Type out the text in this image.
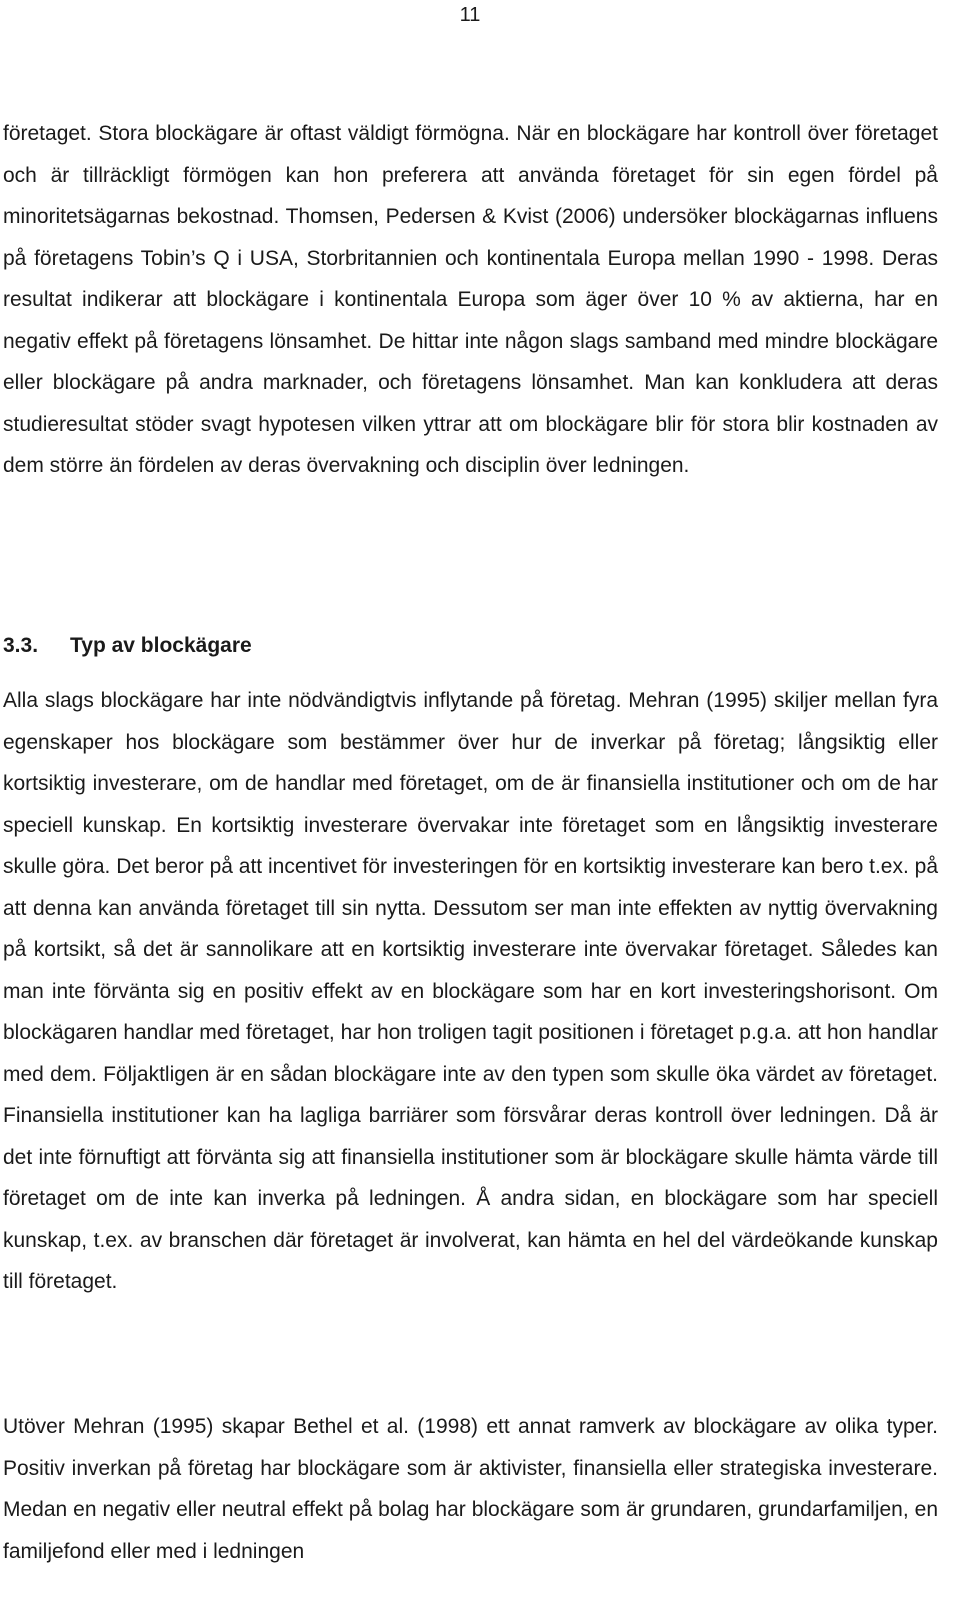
11

företaget. Stora blockägare är oftast väldigt förmögna. När en blockägare har kontroll över företaget och är tillräckligt förmögen kan hon preferera att använda företaget för sin egen fördel på minoritetsägarnas bekostnad. Thomsen, Pedersen & Kvist (2006) undersöker blockägarnas influens på företagens Tobin’s Q i USA, Storbritannien och kontinentala Europa mellan 1990 - 1998. Deras resultat indikerar att blockägare i kontinentala Europa som äger över 10 % av aktierna, har en negativ effekt på företagens lönsamhet. De hittar inte någon slags samband med mindre blockägare eller blockägare på andra marknader, och företagens lönsamhet. Man kan konkludera att deras studieresultat stöder svagt hypotesen vilken yttrar att om blockägare blir för stora blir kostnaden av dem större än fördelen av deras övervakning och disciplin över ledningen.

3.3. Typ av blockägare

Alla slags blockägare har inte nödvändigtvis inflytande på företag. Mehran (1995) skiljer mellan fyra egenskaper hos blockägare som bestämmer över hur de inverkar på företag; långsiktig eller kortsiktig investerare, om de handlar med företaget, om de är finansiella institutioner och om de har speciell kunskap. En kortsiktig investerare övervakar inte företaget som en långsiktig investerare skulle göra. Det beror på att incentivet för investeringen för en kortsiktig investerare kan bero t.ex. på att denna kan använda företaget till sin nytta. Dessutom ser man inte effekten av nyttig övervakning på kortsikt, så det är sannolikare att en kortsiktig investerare inte övervakar företaget. Således kan man inte förvänta sig en positiv effekt av en blockägare som har en kort investeringshorisont. Om blockägaren handlar med företaget, har hon troligen tagit positionen i företaget p.g.a. att hon handlar med dem. Följaktligen är en sådan blockägare inte av den typen som skulle öka värdet av företaget. Finansiella institutioner kan ha lagliga barriärer som försvårar deras kontroll över ledningen. Då är det inte förnuftigt att förvänta sig att finansiella institutioner som är blockägare skulle hämta värde till företaget om de inte kan inverka på ledningen. Å andra sidan, en blockägare som har speciell kunskap, t.ex. av branschen där företaget är involverat, kan hämta en hel del värdeökande kunskap till företaget.

Utöver Mehran (1995) skapar Bethel et al. (1998) ett annat ramverk av blockägare av olika typer. Positiv inverkan på företag har blockägare som är aktivister, finansiella eller strategiska investerare. Medan en negativ eller neutral effekt på bolag har blockägare som är grundaren, grundarfamiljen, en familjefond eller med i ledningen
